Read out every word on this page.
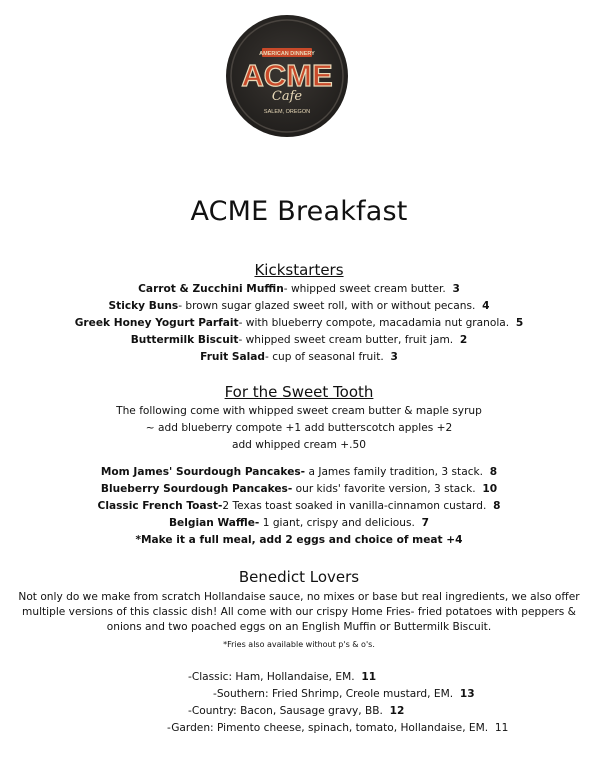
AMERICAN DINNERY
ACME
Cafe
SALEM, OREGON
ACME Breakfast
Kickstarters
Carrot & Zucchini Muffin- whipped sweet cream butter. 3
Sticky Buns- brown sugar glazed sweet roll, with or without pecans. 4
Greek Honey Yogurt Parfait- with blueberry compote, macadamia nut granola. 5
Buttermilk Biscuit- whipped sweet cream butter, fruit jam. 2
Fruit Salad- cup of seasonal fruit. 3
For the Sweet Tooth
The following come with whipped sweet cream butter & maple syrup
~ add blueberry compote +1 add butterscotch apples +2
add whipped cream +.50
Mom James' Sourdough Pancakes- a James family tradition, 3 stack. 8
Blueberry Sourdough Pancakes- our kids' favorite version, 3 stack. 10
Classic French Toast-2 Texas toast soaked in vanilla-cinnamon custard. 8
Belgian Waffle- 1 giant, crispy and delicious. 7
*Make it a full meal, add 2 eggs and choice of meat +4
Benedict Lovers
Not only do we make from scratch Hollandaise sauce, no mixes or base but real ingredients, we also offer multiple versions of this classic dish! All come with our crispy Home Fries- fried potatoes with peppers & onions and two poached eggs on an English Muffin or Buttermilk Biscuit.
*Fries also available without p's & o's.
-Classic: Ham, Hollandaise, EM. 11
-Southern: Fried Shrimp, Creole mustard, EM. 13
-Country: Bacon, Sausage gravy, BB. 12
-Garden: Pimento cheese, spinach, tomato, Hollandaise, EM. 11
